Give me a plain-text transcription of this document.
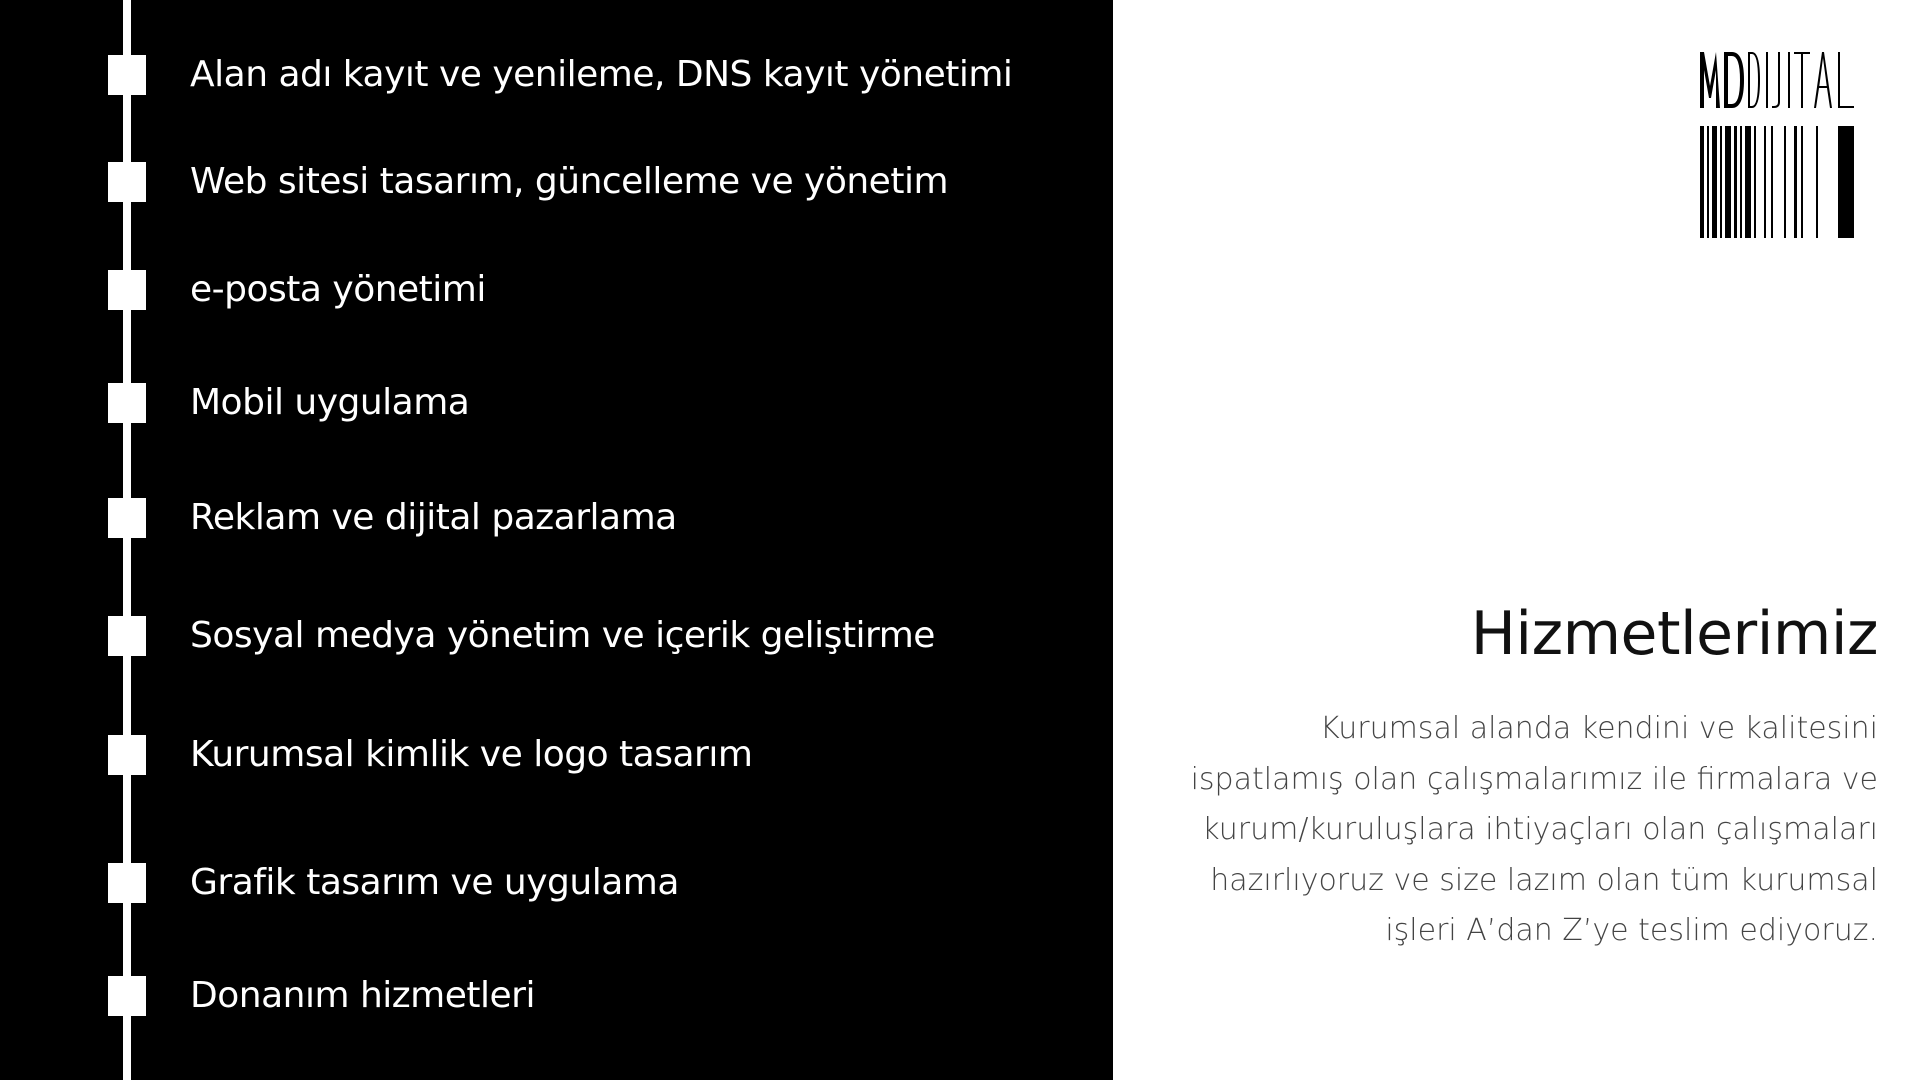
Alan adı kayıt ve yenileme, DNS kayıt yönetimi
Web sitesi tasarım, güncelleme ve yönetim
e-posta yönetimi
Mobil uygulama
Reklam ve dijital pazarlama
Sosyal medya yönetim ve içerik geliştirme
Kurumsal kimlik ve logo tasarım
Grafik tasarım ve uygulama
Donanım hizmetleri
Hizmetlerimiz
Kurumsal alanda kendini ve kalitesini ispatlamış olan çalışmalarımız ile firmalara ve kurum/kuruluşlara ihtiyaçları olan çalışmaları hazırlıyoruz ve size lazım olan tüm kurumsal işleri A’dan Z’ye teslim ediyoruz.
